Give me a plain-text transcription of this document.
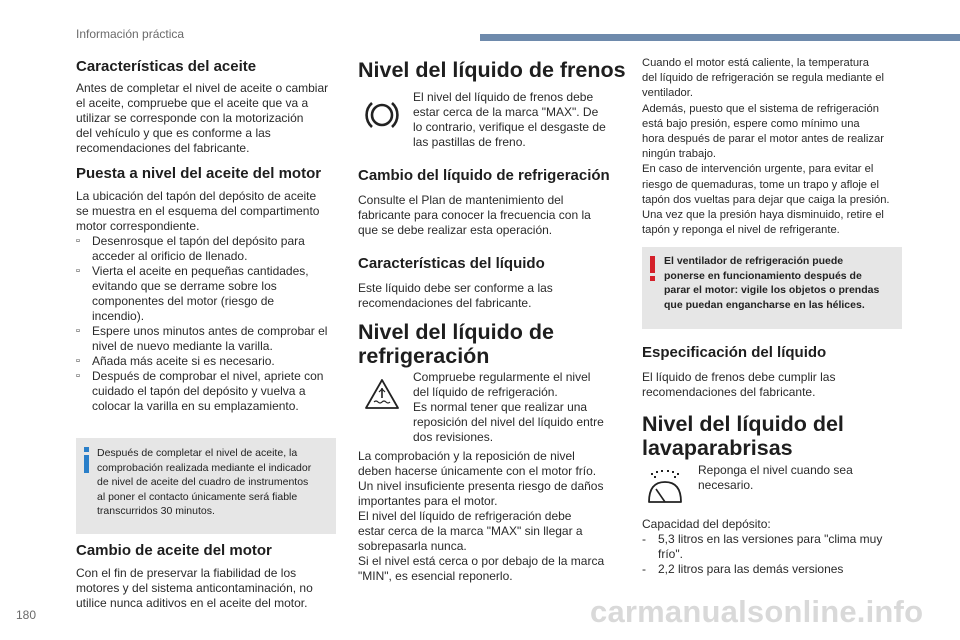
Información práctica
Características del aceite
Antes de completar el nivel de aceite o cambiar
el aceite, compruebe que el aceite que va a
utilizar se corresponde con la motorización
del vehículo y que es conforme a las
recomendaciones del fabricante.
Puesta a nivel del aceite del motor
La ubicación del tapón del depósito de aceite
se muestra en el esquema del compartimento
motor correspondiente.
▫ Desenrosque el tapón del depósito para
acceder al orificio de llenado.
▫ Vierta el aceite en pequeñas cantidades,
evitando que se derrame sobre los
componentes del motor (riesgo de
incendio).
▫ Espere unos minutos antes de comprobar el
nivel de nuevo mediante la varilla.
▫ Añada más aceite si es necesario.
▫ Después de comprobar el nivel, apriete con
cuidado el tapón del depósito y vuelva a
colocar la varilla en su emplazamiento.
Después de completar el nivel de aceite, la
comprobación realizada mediante el indicador
de nivel de aceite del cuadro de instrumentos
al poner el contacto únicamente será fiable
transcurridos 30 minutos.
Cambio de aceite del motor
Con el fin de preservar la fiabilidad de los
motores y del sistema anticontaminación, no
utilice nunca aditivos en el aceite del motor.
Nivel del líquido de frenos
El nivel del líquido de frenos debe
estar cerca de la marca "MAX". De
lo contrario, verifique el desgaste de
las pastillas de freno.
Cambio del líquido de refrigeración
Consulte el Plan de mantenimiento del
fabricante para conocer la frecuencia con la
que se debe realizar esta operación.
Características del líquido
Este líquido debe ser conforme a las
recomendaciones del fabricante.
Nivel del líquido de
refrigeración
Compruebe regularmente el nivel
del líquido de refrigeración.
Es normal tener que realizar una
reposición del nivel del líquido entre
dos revisiones.
La comprobación y la reposición de nivel
deben hacerse únicamente con el motor frío.
Un nivel insuficiente presenta riesgo de daños
importantes para el motor.
El nivel del líquido de refrigeración debe
estar cerca de la marca "MAX" sin llegar a
sobrepasarla nunca.
Si el nivel está cerca o por debajo de la marca
"MIN", es esencial reponerlo.
Cuando el motor está caliente, la temperatura
del líquido de refrigeración se regula mediante el
ventilador.
Además, puesto que el sistema de refrigeración
está bajo presión, espere como mínimo una
hora después de parar el motor antes de realizar
ningún trabajo.
En caso de intervención urgente, para evitar el
riesgo de quemaduras, tome un trapo y afloje el
tapón dos vueltas para dejar que caiga la presión.
Una vez que la presión haya disminuido, retire el
tapón y reponga el nivel de refrigerante.
El ventilador de refrigeración puede
ponerse en funcionamiento después de
parar el motor: vigile los objetos o prendas
que puedan engancharse en las hélices.
Especificación del líquido
El líquido de frenos debe cumplir las
recomendaciones del fabricante.
Nivel del líquido del
lavaparabrisas
Reponga el nivel cuando sea
necesario.
Capacidad del depósito:
- 5,3 litros en las versiones para "clima muy
frío".
- 2,2 litros para las demás versiones
180	carmanualsonline.info
